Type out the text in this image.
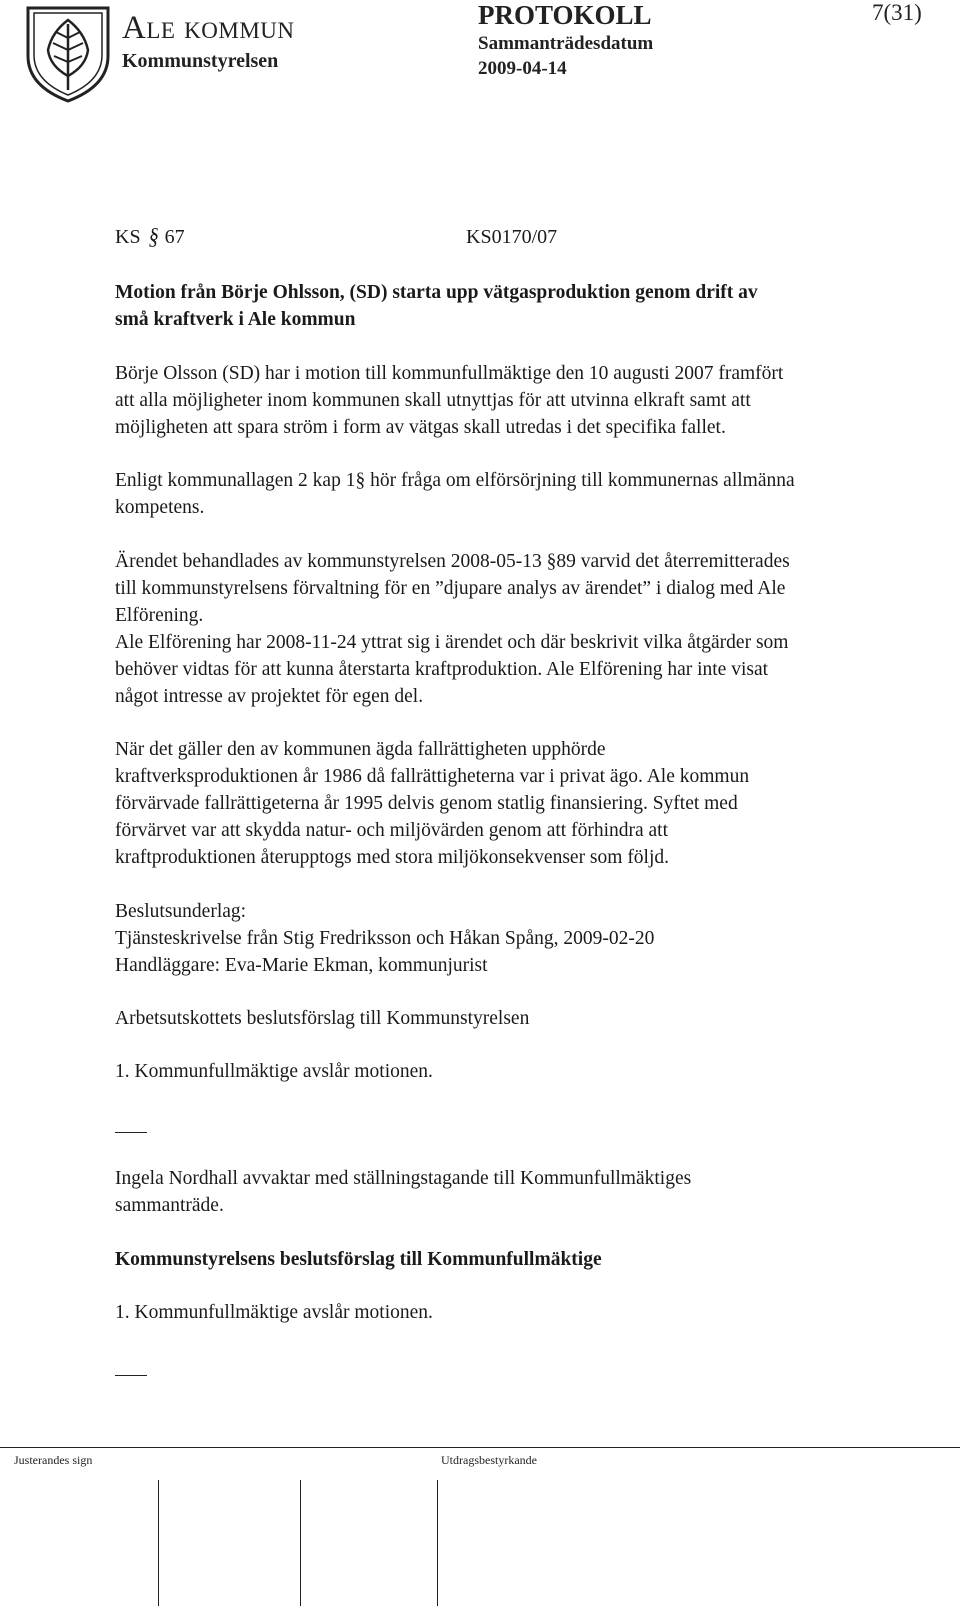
Ale kommun
Kommunstyrelsen
PROTOKOLL
Sammanträdesdatum
2009-04-14
7(31)
KS § 67	KS0170/07
Motion från Börje Ohlsson, (SD) starta upp vätgasproduktion genom drift av
små kraftverk i Ale kommun
Börje Olsson (SD) har i motion till kommunfullmäktige den 10 augusti 2007 framfört
att alla möjligheter inom kommunen skall utnyttjas för att utvinna elkraft samt att
möjligheten att spara ström i form av vätgas skall utredas i det specifika fallet.
Enligt kommunallagen 2 kap 1§ hör fråga om elförsörjning till kommunernas allmänna
kompetens.
Ärendet behandlades av kommunstyrelsen 2008-05-13 §89 varvid det återremitterades
till kommunstyrelsens förvaltning för en ”djupare analys av ärendet” i dialog med Ale
Elförening.
Ale Elförening har 2008-11-24 yttrat sig i ärendet och där beskrivit vilka åtgärder som
behöver vidtas för att kunna återstarta kraftproduktion. Ale Elförening har inte visat
något intresse av projektet för egen del.
När det gäller den av kommunen ägda fallrättigheten upphörde
kraftverksproduktionen år 1986 då fallrättigheterna var i privat ägo. Ale kommun
förvärvade fallrättigeterna år 1995 delvis genom statlig finansiering. Syftet med
förvärvet var att skydda natur- och miljövärden genom att förhindra att
kraftproduktionen återupptogs med stora miljökonsekvenser som följd.
Beslutsunderlag:
Tjänsteskrivelse från Stig Fredriksson och Håkan Spång, 2009-02-20
Handläggare: Eva-Marie Ekman, kommunjurist
Arbetsutskottets beslutsförslag till Kommunstyrelsen
1. Kommunfullmäktige avslår motionen.
Ingela Nordhall avvaktar med ställningstagande till Kommunfullmäktiges
sammanträde.
Kommunstyrelsens beslutsförslag till Kommunfullmäktige
1. Kommunfullmäktige avslår motionen.
Justerandes sign	Utdragsbestyrkande
